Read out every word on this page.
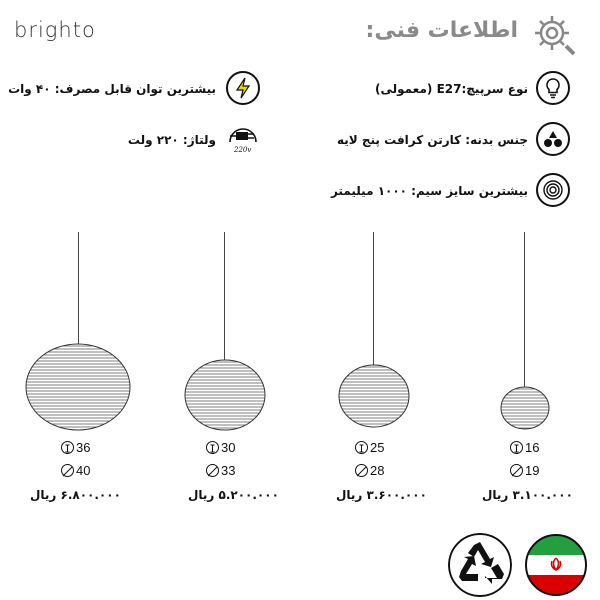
brighto	اطلاعات فنی:
نوع سرپیچ:E27 (معمولی)
جنس بدنه: کارتن کرافت پنج لایه
بیشترین سایز سیم: ۱۰۰۰ میلیمتر
بیشترین توان قابل مصرف: ۴۰ وات
220v
ولتاژ: ۲۲۰ ولت
36
40
۶.۸۰۰.۰۰۰ ریال
30
33
۵.۲۰۰.۰۰۰ ریال
25
28
۳.۶۰۰.۰۰۰ ریال
16
19
۳.۱۰۰.۰۰۰ ریال
